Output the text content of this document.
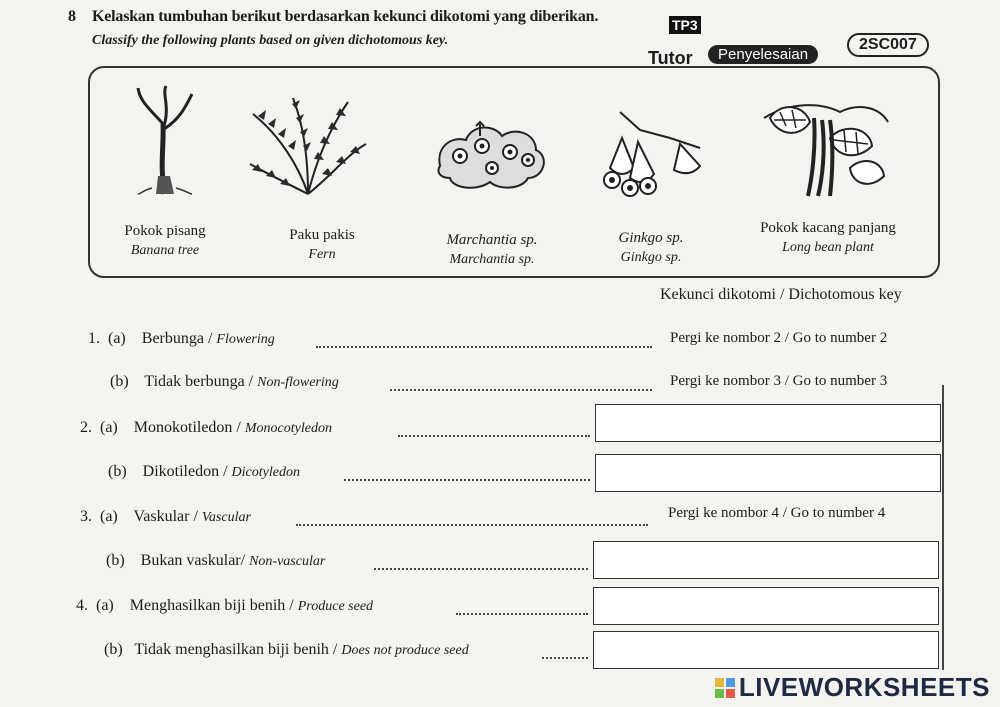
8 Kelaskan tumbuhan berikut berdasarkan kekunci dikotomi yang diberikan.	TP3
Classify the following plants based on given dichotomous key.
Tutor	Penyelesaian
2SC007
Pokok pisang
Banana tree
Paku pakis
Fern
Marchantia sp.
Marchantia sp.
Ginkgo sp.
Ginkgo sp.
Pokok kacang panjang
Long bean plant
Kekunci dikotomi / Dichotomous key
1. (a) Berbunga / Flowering	Pergi ke nombor 2 / Go to number 2
(b) Tidak berbunga / Non-flowering	Pergi ke nombor 3 / Go to number 3
2. (a) Monokotiledon / Monocotyledon
(b) Dikotiledon / Dicotyledon
3. (a) Vaskular / Vascular	Pergi ke nombor 4 / Go to number 4
(b) Bukan vaskular/ Non-vascular
4. (a) Menghasilkan biji benih / Produce seed
(b) Tidak menghasilkan biji benih / Does not produce seed
LIVEWORKSHEETS
